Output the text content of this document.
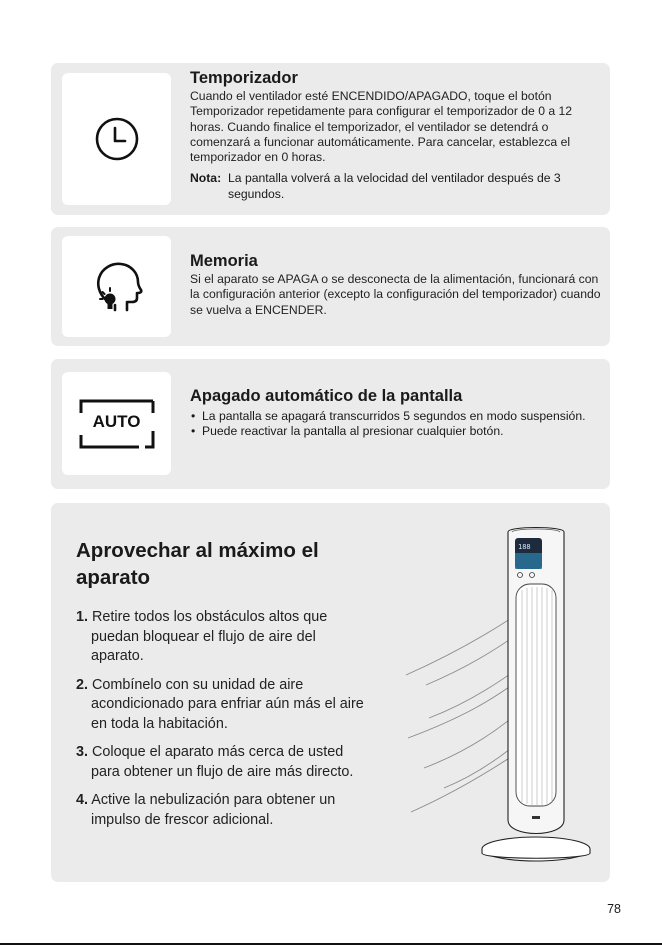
Temporizador
Cuando el ventilador esté ENCENDIDO/APAGADO, toque el botón Temporizador repetidamente para configurar el temporizador de 0 a 12 horas. Cuando finalice el temporizador, el ventilador se detendrá o comenzará a funcionar automáticamente. Para cancelar, establezca el temporizador en 0 horas.
Nota: La pantalla volverá a la velocidad del ventilador después de 3 segundos.
Memoria
Si el aparato se APAGA o se desconecta de la alimentación, funcionará con la configuración anterior (excepto la configuración del temporizador) cuando se vuelva a ENCENDER.
AUTO
Apagado automático de la pantalla
• La pantalla se apagará transcurridos 5 segundos en modo suspensión.
• Puede reactivar la pantalla al presionar cualquier botón.
Aprovechar al máximo el aparato
1. Retire todos los obstáculos altos que puedan bloquear el flujo de aire del aparato.
2. Combínelo con su unidad de aire acondicionado para enfriar aún más el aire en toda la habitación.
3. Coloque el aparato más cerca de usted para obtener un flujo de aire más directo.
4. Active la nebulización para obtener un impulso de frescor adicional.
188
78
